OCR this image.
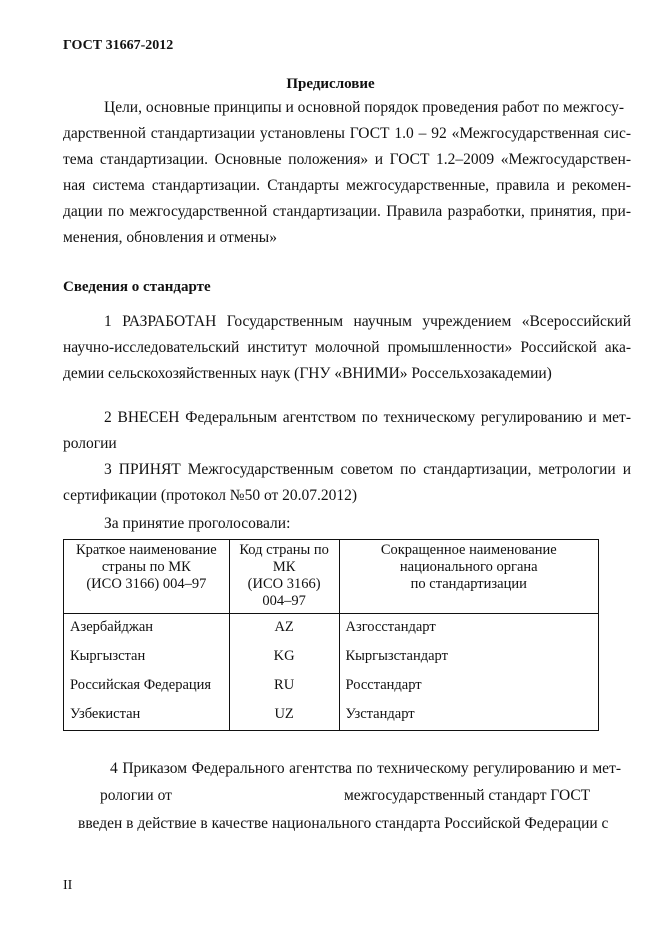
ГОСТ 31667-2012
Предисловие
Цели, основные принципы и основной порядок проведения работ по межгосу-
дарственной стандартизации установлены ГОСТ 1.0 – 92 «Межгосударственная сис-
тема стандартизации. Основные положения» и ГОСТ 1.2–2009 «Межгосударствен-
ная система стандартизации. Стандарты межгосударственные, правила и рекомен-
дации по межгосударственной стандартизации. Правила разработки, принятия, при-
менения, обновления и отмены»
Сведения о стандарте
1 РАЗРАБОТАН Государственным научным учреждением «Всероссийский
научно-исследовательский институт молочной промышленности» Российской ака-
демии сельскохозяйственных наук (ГНУ «ВНИМИ» Россельхозакадемии)
2 ВНЕСЕН Федеральным агентством по техническому регулированию и мет-
рологии
3 ПРИНЯТ Межгосударственным советом по стандартизации, метрологии и
сертификации (протокол №50 от 20.07.2012)
За принятие проголосовали:
Краткое наименование
страны по МК
(ИСО 3166) 004–97	Код страны по
МК
(ИСО 3166)
004–97	Сокращенное наименование
национального органа
по стандартизации

Азербайджан	AZ	Азгосстандарт
Кыргызстан	KG	Кыргызстандарт
Российская Федерация	RU	Росстандарт
Узбекистан	UZ	Узстандарт
4 Приказом Федерального агентства по техническому регулированию и мет-
рологии от	межгосударственный стандарт ГОСТ
введен в действие в качестве национального стандарта Российской Федерации с
II
